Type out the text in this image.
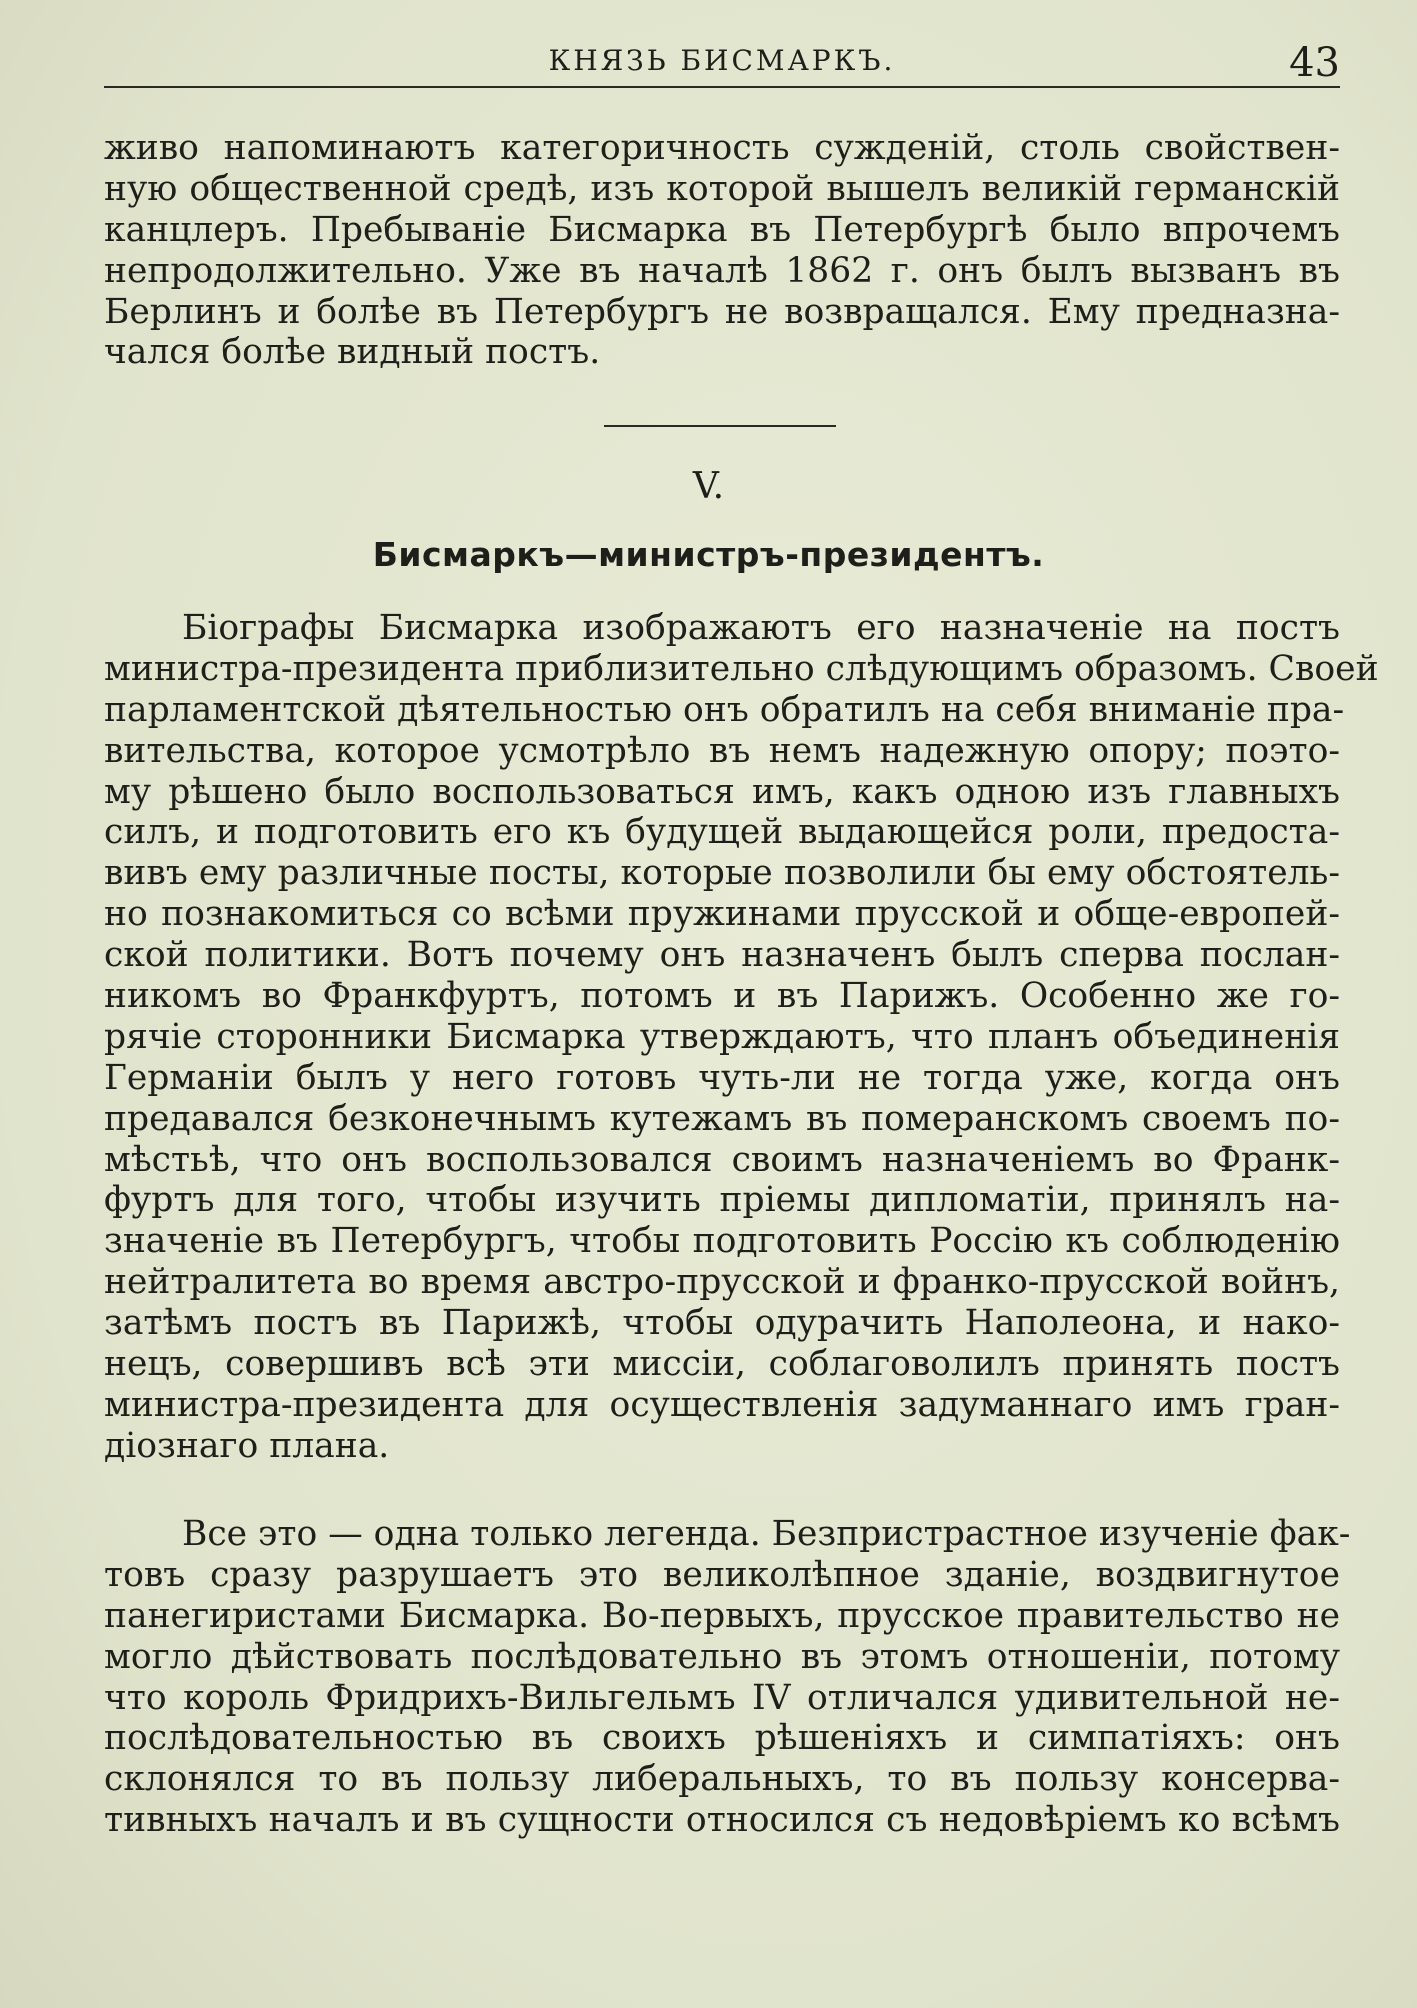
КНЯЗЬ БИСМАРКЪ.	43
живо напоминаютъ категоричность сужденій, столь свойствен-
ную общественной средѣ, изъ которой вышелъ великій германскій
канцлеръ. Пребываніе Бисмарка въ Петербургѣ было впрочемъ
непродолжительно. Уже въ началѣ 1862 г. онъ былъ вызванъ въ
Берлинъ и болѣе въ Петербургъ не возвращался. Ему предназна-
чался болѣе видный постъ.
V.
Бисмаркъ—министръ-президентъ.
Біографы Бисмарка изображаютъ его назначеніе на постъ
министра-президента приблизительно слѣдующимъ образомъ. Своей
парламентской дѣятельностью онъ обратилъ на себя вниманіе пра-
вительства, которое усмотрѣло въ немъ надежную опору; поэто-
му рѣшено было воспользоваться имъ, какъ одною изъ главныхъ
силъ, и подготовить его къ будущей выдающейся роли, предоста-
вивъ ему различные посты, которые позволили бы ему обстоятель-
но познакомиться со всѣми пружинами прусской и обще-европей-
ской политики. Вотъ почему онъ назначенъ былъ сперва послан-
никомъ во Франкфуртъ, потомъ и въ Парижъ. Особенно же го-
рячіе сторонники Бисмарка утверждаютъ, что планъ объединенія
Германіи былъ у него готовъ чуть-ли не тогда уже, когда онъ
предавался безконечнымъ кутежамъ въ померанскомъ своемъ по-
мѣстьѣ, что онъ воспользовался своимъ назначеніемъ во Франк-
фуртъ для того, чтобы изучить пріемы дипломатіи, принялъ на-
значеніе въ Петербургъ, чтобы подготовить Россію къ соблюденію
нейтралитета во время австро-прусской и франко-прусской войнъ,
затѣмъ постъ въ Парижѣ, чтобы одурачить Наполеона, и нако-
нецъ, совершивъ всѣ эти миссіи, соблаговолилъ принять постъ
министра-президента для осуществленія задуманнаго имъ гран-
діознаго плана.
Все это — одна только легенда. Безпристрастное изученіе фак-
товъ сразу разрушаетъ это великолѣпное зданіе, воздвигнутое
панегиристами Бисмарка. Во-первыхъ, прусское правительство не
могло дѣйствовать послѣдовательно въ этомъ отношеніи, потому
что король Фридрихъ-Вильгельмъ IV отличался удивительной не-
послѣдовательностью въ своихъ рѣшеніяхъ и симпатіяхъ: онъ
склонялся то въ пользу либеральныхъ, то въ пользу консерва-
тивныхъ началъ и въ сущности относился съ недовѣріемъ ко всѣмъ
